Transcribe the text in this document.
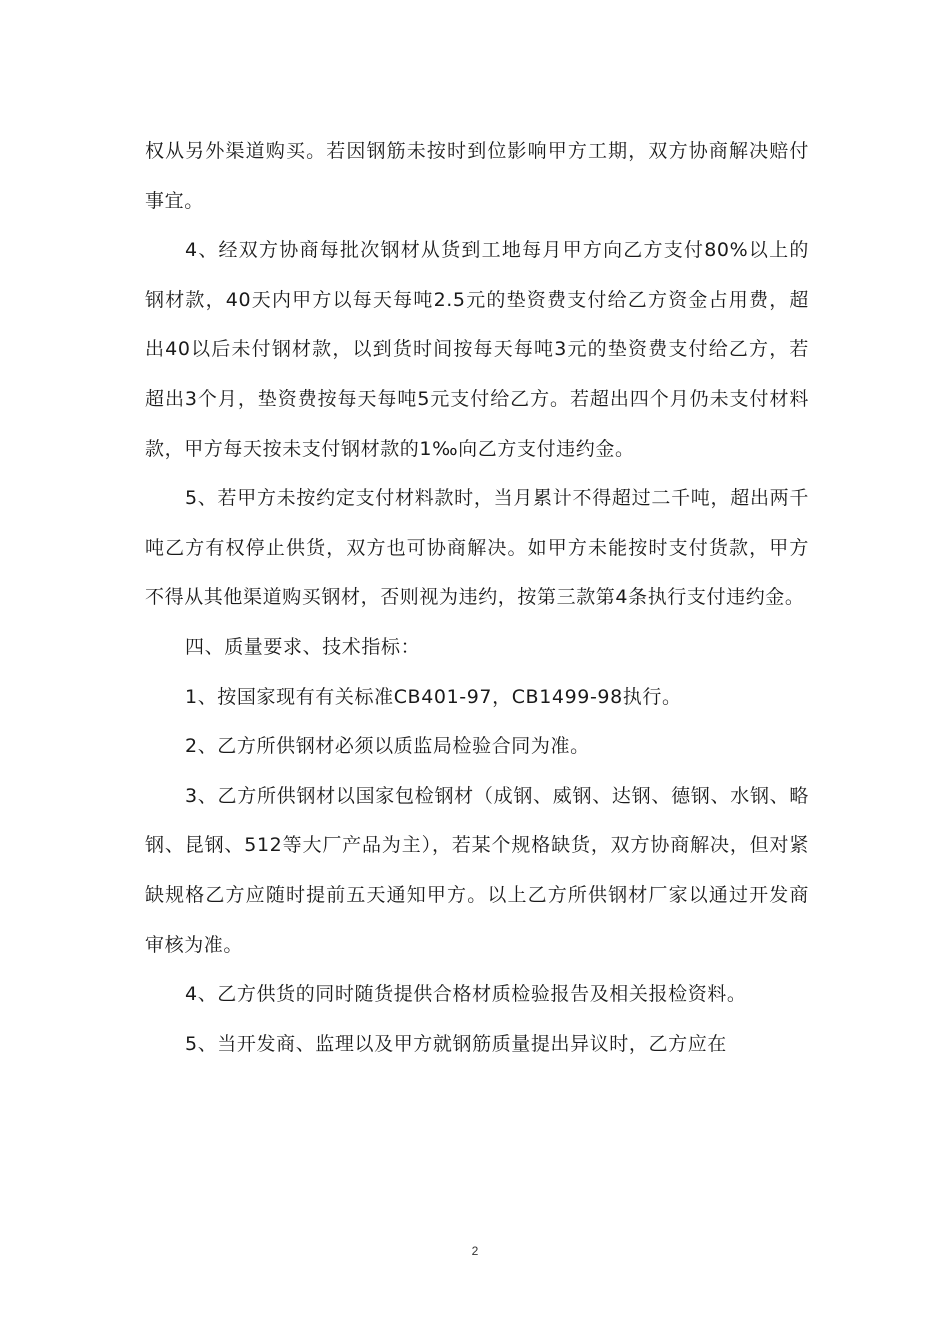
权从另外渠道购买。若因钢筋未按时到位影响甲方工期，双方协商解决赔付事宜。

4、经双方协商每批次钢材从货到工地每月甲方向乙方支付80%以上的钢材款，40天内甲方以每天每吨2.5元的垫资费支付给乙方资金占用费，超出40以后未付钢材款，以到货时间按每天每吨3元的垫资费支付给乙方，若超出3个月，垫资费按每天每吨5元支付给乙方。若超出四个月仍未支付材料款，甲方每天按未支付钢材款的1‰向乙方支付违约金。

5、若甲方未按约定支付材料款时，当月累计不得超过二千吨，超出两千吨乙方有权停止供货，双方也可协商解决。如甲方未能按时支付货款，甲方不得从其他渠道购买钢材，否则视为违约，按第三款第4条执行支付违约金。

四、质量要求、技术指标：

1、按国家现有有关标准CB401-97，CB1499-98执行。

2、乙方所供钢材必须以质监局检验合同为准。

3、乙方所供钢材以国家包检钢材（成钢、威钢、达钢、德钢、水钢、略钢、昆钢、512等大厂产品为主），若某个规格缺货，双方协商解决，但对紧缺规格乙方应随时提前五天通知甲方。以上乙方所供钢材厂家以通过开发商审核为准。

4、乙方供货的同时随货提供合格材质检验报告及相关报检资料。

5、当开发商、监理以及甲方就钢筋质量提出异议时，乙方应在

2
